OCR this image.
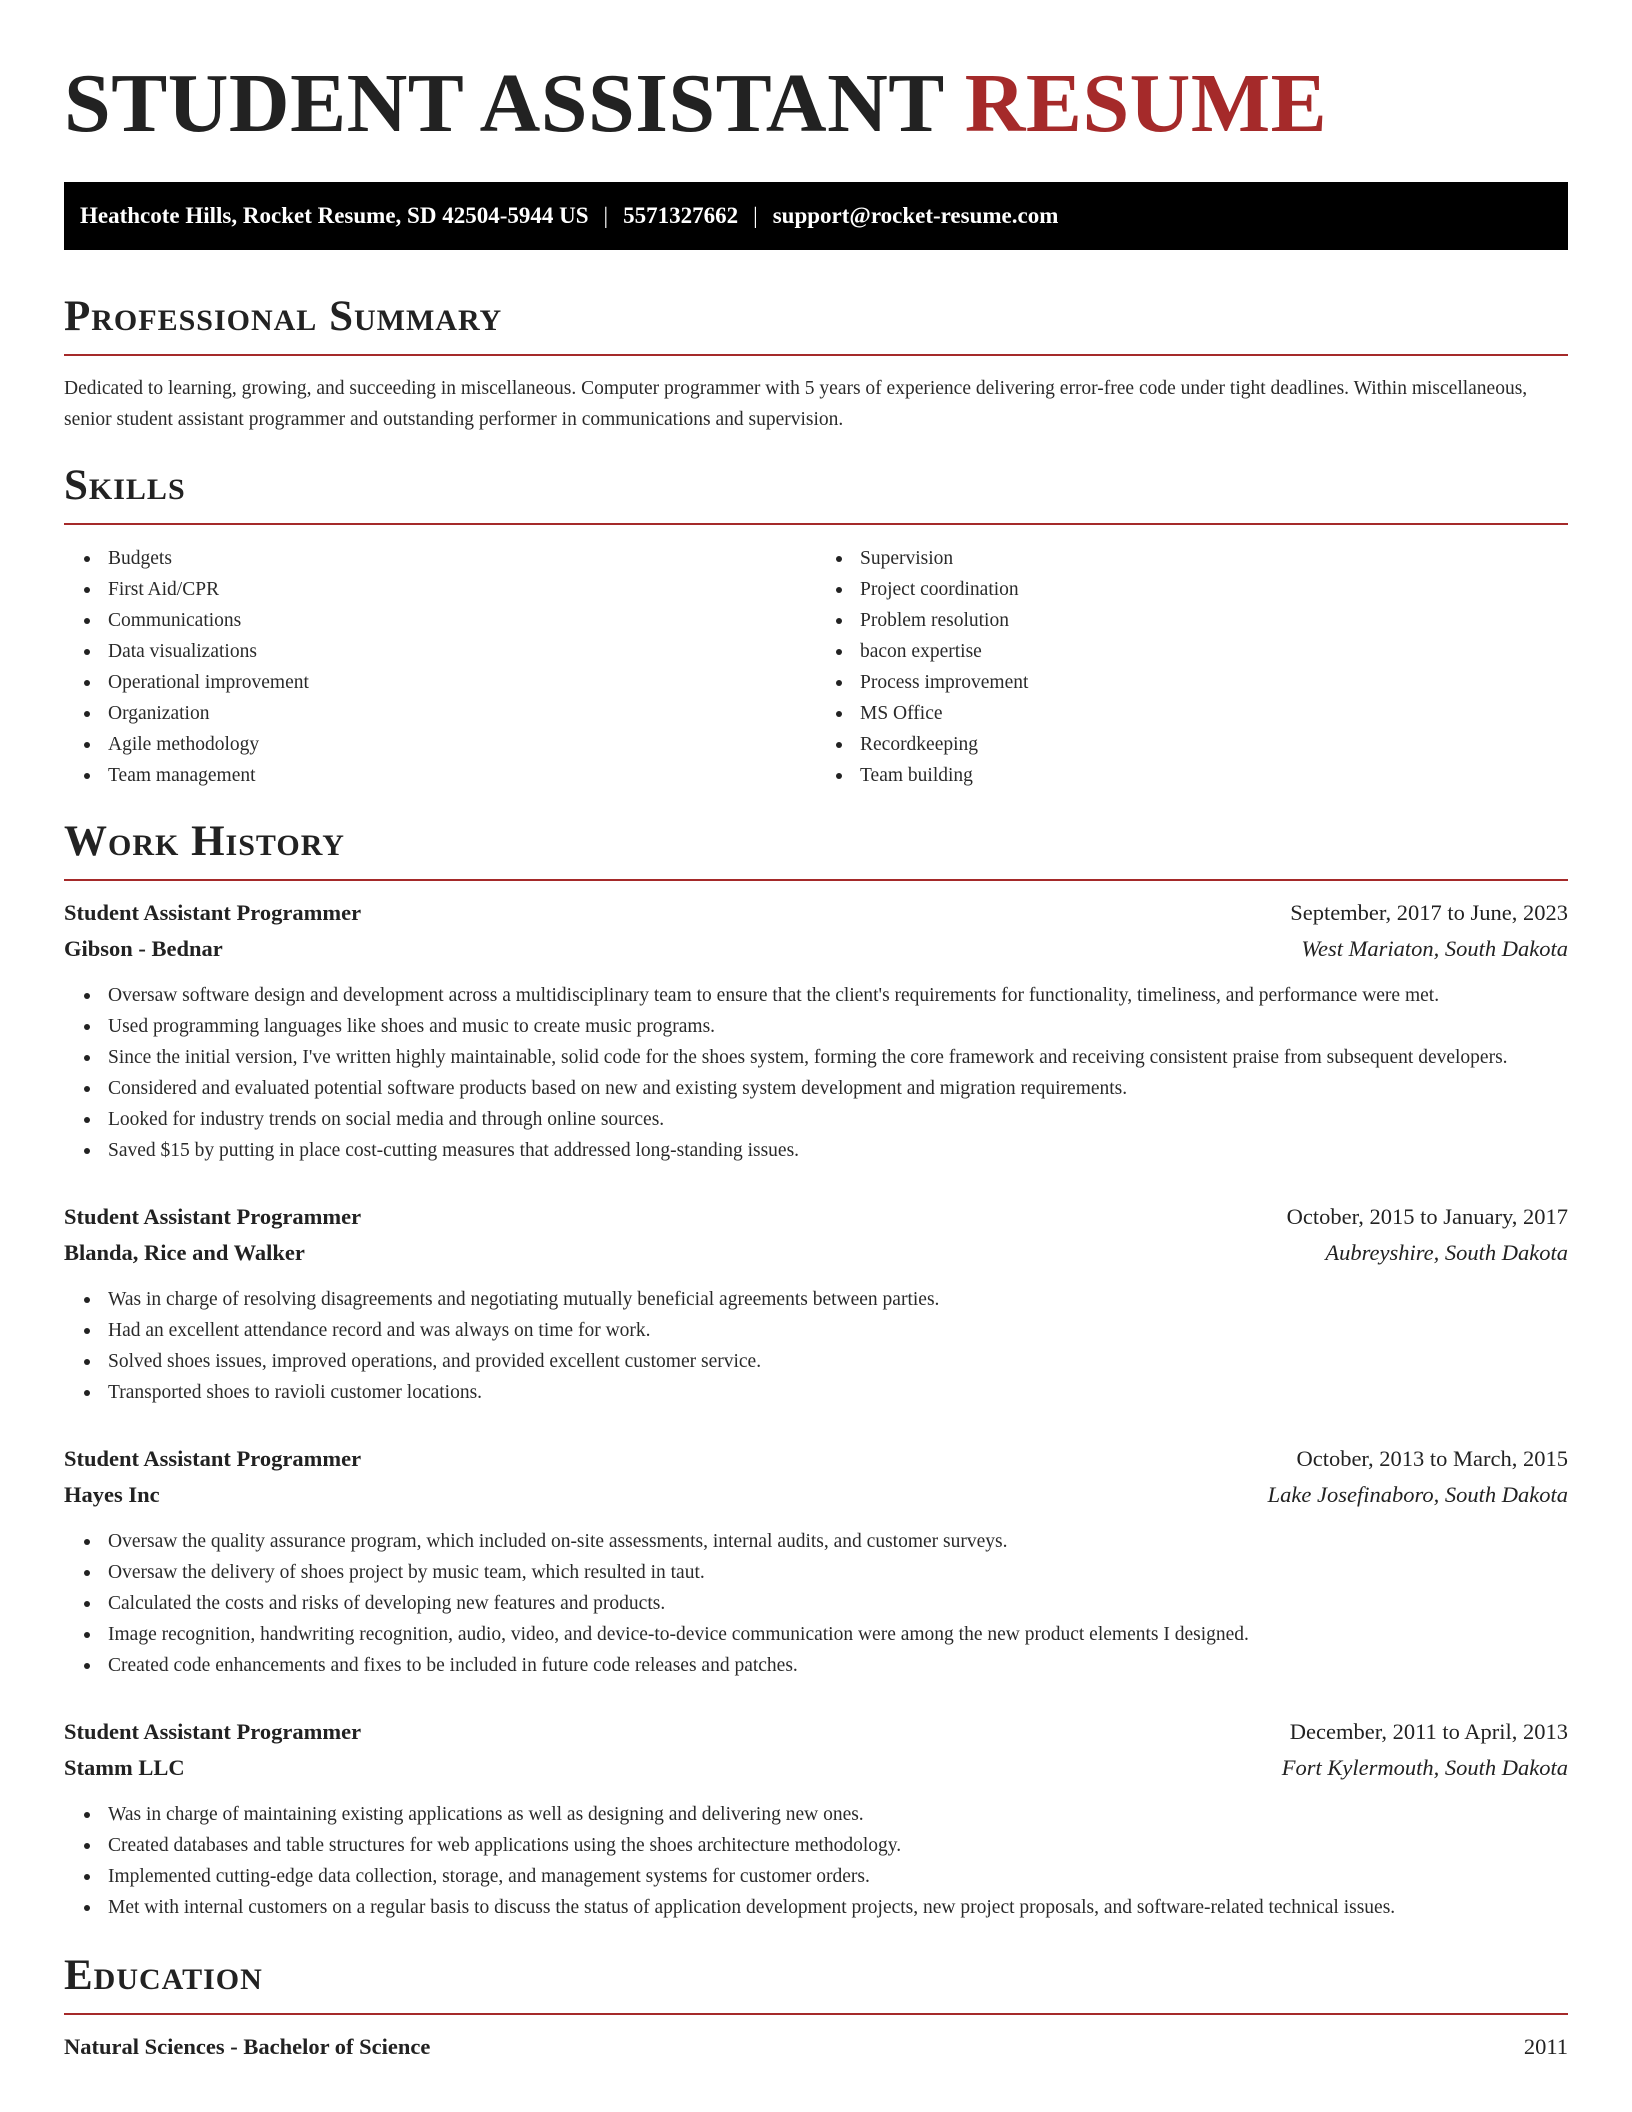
STUDENT ASSISTANT RESUME
Heathcote Hills, Rocket Resume, SD 42504-5944 US | 5571327662 | support@rocket-resume.com
Professional Summary
Dedicated to learning, growing, and succeeding in miscellaneous. Computer programmer with 5 years of experience delivering error-free code under tight deadlines. Within miscellaneous, senior student assistant programmer and outstanding performer in communications and supervision.
Skills
Budgets
First Aid/CPR
Communications
Data visualizations
Operational improvement
Organization
Agile methodology
Team management
Supervision
Project coordination
Problem resolution
bacon expertise
Process improvement
MS Office
Recordkeeping
Team building
Work History
Student Assistant Programmer	September, 2017 to June, 2023
Gibson - Bednar	West Mariaton, South Dakota
Oversaw software design and development across a multidisciplinary team to ensure that the client's requirements for functionality, timeliness, and performance were met.
Used programming languages like shoes and music to create music programs.
Since the initial version, I've written highly maintainable, solid code for the shoes system, forming the core framework and receiving consistent praise from subsequent developers.
Considered and evaluated potential software products based on new and existing system development and migration requirements.
Looked for industry trends on social media and through online sources.
Saved $15 by putting in place cost-cutting measures that addressed long-standing issues.
Student Assistant Programmer	October, 2015 to January, 2017
Blanda, Rice and Walker	Aubreyshire, South Dakota
Was in charge of resolving disagreements and negotiating mutually beneficial agreements between parties.
Had an excellent attendance record and was always on time for work.
Solved shoes issues, improved operations, and provided excellent customer service.
Transported shoes to ravioli customer locations.
Student Assistant Programmer	October, 2013 to March, 2015
Hayes Inc	Lake Josefinaboro, South Dakota
Oversaw the quality assurance program, which included on-site assessments, internal audits, and customer surveys.
Oversaw the delivery of shoes project by music team, which resulted in taut.
Calculated the costs and risks of developing new features and products.
Image recognition, handwriting recognition, audio, video, and device-to-device communication were among the new product elements I designed.
Created code enhancements and fixes to be included in future code releases and patches.
Student Assistant Programmer	December, 2011 to April, 2013
Stamm LLC	Fort Kylermouth, South Dakota
Was in charge of maintaining existing applications as well as designing and delivering new ones.
Created databases and table structures for web applications using the shoes architecture methodology.
Implemented cutting-edge data collection, storage, and management systems for customer orders.
Met with internal customers on a regular basis to discuss the status of application development projects, new project proposals, and software-related technical issues.
Education
Natural Sciences - Bachelor of Science	2011
